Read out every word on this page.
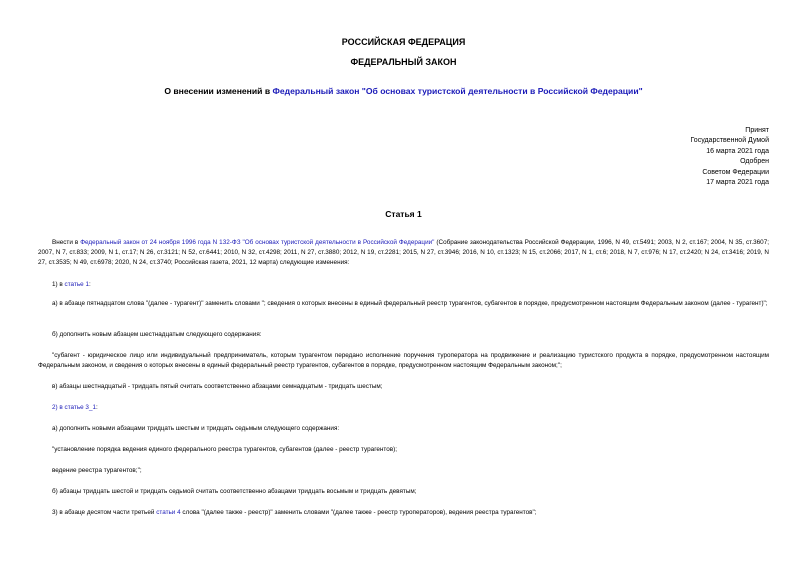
РОССИЙСКАЯ ФЕДЕРАЦИЯ
ФЕДЕРАЛЬНЫЙ ЗАКОН
О внесении изменений в Федеральный закон "Об основах туристской деятельности в Российской Федерации"
Принят
Государственной Думой
16 марта 2021 года
Одобрен
Советом Федерации
17 марта 2021 года
Статья 1
Внести в Федеральный закон от 24 ноября 1996 года N 132-ФЗ "Об основах туристской деятельности в Российской Федерации" (Собрание законодательства Российской Федерации, 1996, N 49, ст.5491; 2003, N 2, ст.167; 2004, N 35, ст.3607; 2007, N 7, ст.833; 2009, N 1, ст.17; N 26, ст.3121; N 52, ст.6441; 2010, N 32, ст.4298; 2011, N 27, ст.3880; 2012, N 19, ст.2281; 2015, N 27, ст.3946; 2016, N 10, ст.1323; N 15, ст.2066; 2017, N 1, ст.6; 2018, N 7, ст.976; N 17, ст.2420; N 24, ст.3416; 2019, N 27, ст.3535; N 49, ст.6978; 2020, N 24, ст.3740; Российская газета, 2021, 12 марта) следующие изменения:
1) в статье 1:
а) в абзаце пятнадцатом слова "(далее - турагент)" заменить словами "; сведения о которых внесены в единый федеральный реестр турагентов, субагентов в порядке, предусмотренном настоящим Федеральным законом (далее - турагент)";
б) дополнить новым абзацем шестнадцатым следующего содержания:
"субагент - юридическое лицо или индивидуальный предприниматель, которым турагентом передано исполнение поручения туроператора на продвижение и реализацию туристского продукта в порядке, предусмотренном настоящим Федеральным законом, и сведения о которых внесены в единый федеральный реестр турагентов, субагентов в порядке, предусмотренном настоящим Федеральным законом;";
в) абзацы шестнадцатый - тридцать пятый считать соответственно абзацами семнадцатым - тридцать шестым;
2) в статье 3_1:
а) дополнить новыми абзацами тридцать шестым и тридцать седьмым следующего содержания:
"установление порядка ведения единого федерального реестра турагентов, субагентов (далее - реестр турагентов);
ведение реестра турагентов;";
б) абзацы тридцать шестой и тридцать седьмой считать соответственно абзацами тридцать восьмым и тридцать девятым;
3) в абзаце десятом части третьей статьи 4 слова "(далее также - реестр)" заменить словами "(далее также - реестр туроператоров), ведения реестра турагентов";
